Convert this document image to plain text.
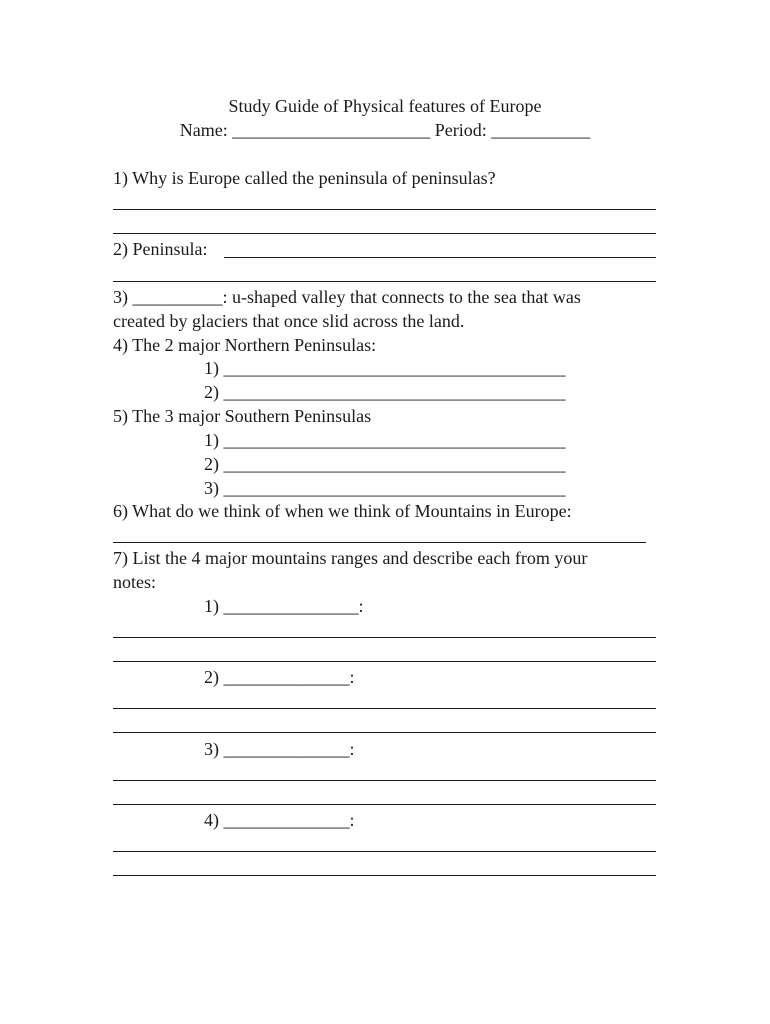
Study Guide of Physical features of Europe

Name: ______________________ Period: ___________

1) Why is Europe called the peninsula of peninsulas?

2) Peninsula:

3) __________: u-shaped valley that connects to the sea that was

created by glaciers that once slid across the land.

4) The 2 major Northern Peninsulas:

1) ______________________________________

2) ______________________________________

5) The 3 major Southern Peninsulas

1) ______________________________________

2) ______________________________________

3) ______________________________________

6) What do we think of when we think of Mountains in Europe:

7) List the 4 major mountains ranges and describe each from your

notes:

1) _______________:

2) ______________:

3) ______________:

4) ______________:
